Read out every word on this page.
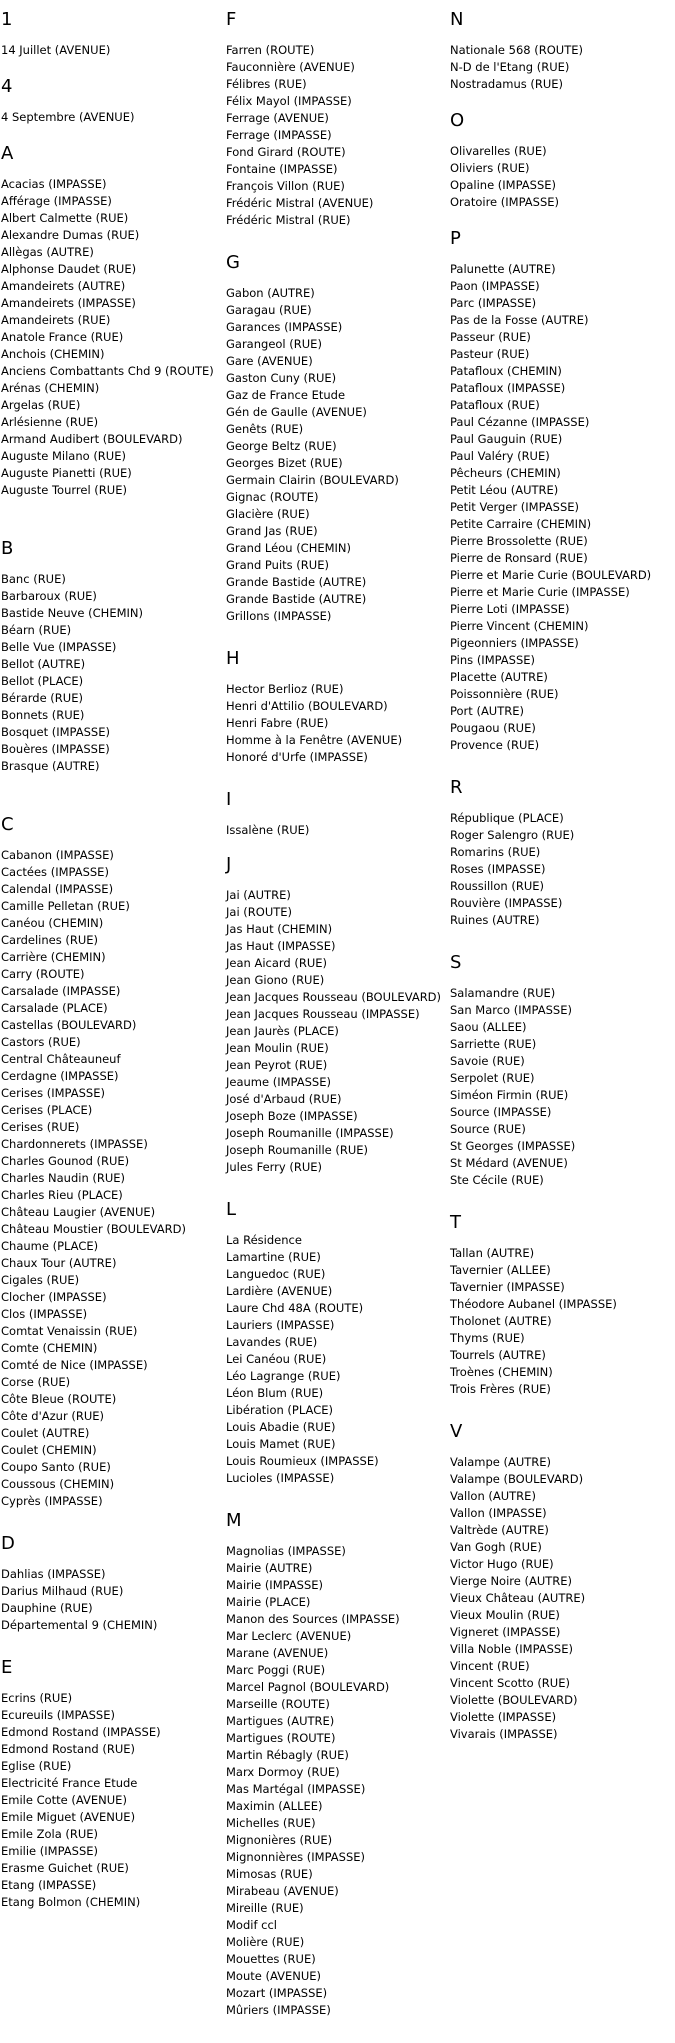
1
14 Juillet (AVENUE)
4
4 Septembre (AVENUE)
A
Acacias (IMPASSE)
Afférage (IMPASSE)
Albert Calmette (RUE)
Alexandre Dumas (RUE)
Allègas (AUTRE)
Alphonse Daudet (RUE)
Amandeirets (AUTRE)
Amandeirets (IMPASSE)
Amandeirets (RUE)
Anatole France (RUE)
Anchois (CHEMIN)
Anciens Combattants Chd 9 (ROUTE)
Arénas (CHEMIN)
Argelas (RUE)
Arlésienne (RUE)
Armand Audibert (BOULEVARD)
Auguste Milano (RUE)
Auguste Pianetti (RUE)
Auguste Tourrel (RUE)
B
Banc (RUE)
Barbaroux (RUE)
Bastide Neuve (CHEMIN)
Béarn (RUE)
Belle Vue (IMPASSE)
Bellot (AUTRE)
Bellot (PLACE)
Bérarde (RUE)
Bonnets (RUE)
Bosquet (IMPASSE)
Bouères (IMPASSE)
Brasque (AUTRE)
C
Cabanon (IMPASSE)
Cactées (IMPASSE)
Calendal (IMPASSE)
Camille Pelletan (RUE)
Canéou (CHEMIN)
Cardelines (RUE)
Carrière (CHEMIN)
Carry (ROUTE)
Carsalade (IMPASSE)
Carsalade (PLACE)
Castellas (BOULEVARD)
Castors (RUE)
Central Châteauneuf
Cerdagne (IMPASSE)
Cerises (IMPASSE)
Cerises (PLACE)
Cerises (RUE)
Chardonnerets (IMPASSE)
Charles Gounod (RUE)
Charles Naudin (RUE)
Charles Rieu (PLACE)
Château Laugier (AVENUE)
Château Moustier (BOULEVARD)
Chaume (PLACE)
Chaux Tour (AUTRE)
Cigales (RUE)
Clocher (IMPASSE)
Clos (IMPASSE)
Comtat Venaissin (RUE)
Comte (CHEMIN)
Comté de Nice (IMPASSE)
Corse (RUE)
Côte Bleue (ROUTE)
Côte d'Azur (RUE)
Coulet (AUTRE)
Coulet (CHEMIN)
Coupo Santo (RUE)
Coussous (CHEMIN)
Cyprès (IMPASSE)
D
Dahlias (IMPASSE)
Darius Milhaud (RUE)
Dauphine (RUE)
Départemental 9 (CHEMIN)
E
Ecrins (RUE)
Ecureuils (IMPASSE)
Edmond Rostand (IMPASSE)
Edmond Rostand (RUE)
Eglise (RUE)
Electricité France Etude
Emile Cotte (AVENUE)
Emile Miguet (AVENUE)
Emile Zola (RUE)
Emilie (IMPASSE)
Erasme Guichet (RUE)
Etang (IMPASSE)
Etang Bolmon (CHEMIN)
F
Farren (ROUTE)
Fauconnière (AVENUE)
Félibres (RUE)
Félix Mayol (IMPASSE)
Ferrage (AVENUE)
Ferrage (IMPASSE)
Fond Girard (ROUTE)
Fontaine (IMPASSE)
François Villon (RUE)
Frédéric Mistral (AVENUE)
Frédéric Mistral (RUE)
G
Gabon (AUTRE)
Garagau (RUE)
Garances (IMPASSE)
Garangeol (RUE)
Gare (AVENUE)
Gaston Cuny (RUE)
Gaz de France Etude
Gén de Gaulle (AVENUE)
Genêts (RUE)
George Beltz (RUE)
Georges Bizet (RUE)
Germain Clairin (BOULEVARD)
Gignac (ROUTE)
Glacière (RUE)
Grand Jas (RUE)
Grand Léou (CHEMIN)
Grand Puits (RUE)
Grande Bastide (AUTRE)
Grande Bastide (AUTRE)
Grillons (IMPASSE)
H
Hector Berlioz (RUE)
Henri d'Attilio (BOULEVARD)
Henri Fabre (RUE)
Homme à la Fenêtre (AVENUE)
Honoré d'Urfe (IMPASSE)
I
Issalène (RUE)
J
Jai (AUTRE)
Jai (ROUTE)
Jas Haut (CHEMIN)
Jas Haut (IMPASSE)
Jean Aicard (RUE)
Jean Giono (RUE)
Jean Jacques Rousseau (BOULEVARD)
Jean Jacques Rousseau (IMPASSE)
Jean Jaurès (PLACE)
Jean Moulin (RUE)
Jean Peyrot (RUE)
Jeaume (IMPASSE)
José d'Arbaud (RUE)
Joseph Boze (IMPASSE)
Joseph Roumanille (IMPASSE)
Joseph Roumanille (RUE)
Jules Ferry (RUE)
L
La Résidence
Lamartine (RUE)
Languedoc (RUE)
Lardière (AVENUE)
Laure Chd 48A (ROUTE)
Lauriers (IMPASSE)
Lavandes (RUE)
Lei Canéou (RUE)
Léo Lagrange (RUE)
Léon Blum (RUE)
Libération (PLACE)
Louis Abadie (RUE)
Louis Mamet (RUE)
Louis Roumieux (IMPASSE)
Lucioles (IMPASSE)
M
Magnolias (IMPASSE)
Mairie (AUTRE)
Mairie (IMPASSE)
Mairie (PLACE)
Manon des Sources (IMPASSE)
Mar Leclerc (AVENUE)
Marane (AVENUE)
Marc Poggi (RUE)
Marcel Pagnol (BOULEVARD)
Marseille (ROUTE)
Martigues (AUTRE)
Martigues (ROUTE)
Martin Rébagly (RUE)
Marx Dormoy (RUE)
Mas Martégal (IMPASSE)
Maximin (ALLEE)
Michelles (RUE)
Mignonières (RUE)
Mignonnières (IMPASSE)
Mimosas (RUE)
Mirabeau (AVENUE)
Mireille (RUE)
Modif ccl
Molière (RUE)
Mouettes (RUE)
Moute (AVENUE)
Mozart (IMPASSE)
Mûriers (IMPASSE)
N
Nationale 568 (ROUTE)
N-D de l'Etang (RUE)
Nostradamus (RUE)
O
Olivarelles (RUE)
Oliviers (RUE)
Opaline (IMPASSE)
Oratoire (IMPASSE)
P
Palunette (AUTRE)
Paon (IMPASSE)
Parc (IMPASSE)
Pas de la Fosse (AUTRE)
Passeur (RUE)
Pasteur (RUE)
Patafloux (CHEMIN)
Patafloux (IMPASSE)
Patafloux (RUE)
Paul Cézanne (IMPASSE)
Paul Gauguin (RUE)
Paul Valéry (RUE)
Pêcheurs (CHEMIN)
Petit Léou (AUTRE)
Petit Verger (IMPASSE)
Petite Carraire (CHEMIN)
Pierre Brossolette (RUE)
Pierre de Ronsard (RUE)
Pierre et Marie Curie (BOULEVARD)
Pierre et Marie Curie (IMPASSE)
Pierre Loti (IMPASSE)
Pierre Vincent (CHEMIN)
Pigeonniers (IMPASSE)
Pins (IMPASSE)
Placette (AUTRE)
Poissonnière (RUE)
Port (AUTRE)
Pougaou (RUE)
Provence (RUE)
R
République (PLACE)
Roger Salengro (RUE)
Romarins (RUE)
Roses (IMPASSE)
Roussillon (RUE)
Rouvière (IMPASSE)
Ruines (AUTRE)
S
Salamandre (RUE)
San Marco (IMPASSE)
Saou (ALLEE)
Sarriette (RUE)
Savoie (RUE)
Serpolet (RUE)
Siméon Firmin (RUE)
Source (IMPASSE)
Source (RUE)
St Georges (IMPASSE)
St Médard (AVENUE)
Ste Cécile (RUE)
T
Tallan (AUTRE)
Tavernier (ALLEE)
Tavernier (IMPASSE)
Théodore Aubanel (IMPASSE)
Tholonet (AUTRE)
Thyms (RUE)
Tourrels (AUTRE)
Troènes (CHEMIN)
Trois Frères (RUE)
V
Valampe (AUTRE)
Valampe (BOULEVARD)
Vallon (AUTRE)
Vallon (IMPASSE)
Valtrède (AUTRE)
Van Gogh (RUE)
Victor Hugo (RUE)
Vierge Noire (AUTRE)
Vieux Château (AUTRE)
Vieux Moulin (RUE)
Vigneret (IMPASSE)
Villa Noble (IMPASSE)
Vincent (RUE)
Vincent Scotto (RUE)
Violette (BOULEVARD)
Violette (IMPASSE)
Vivarais (IMPASSE)
